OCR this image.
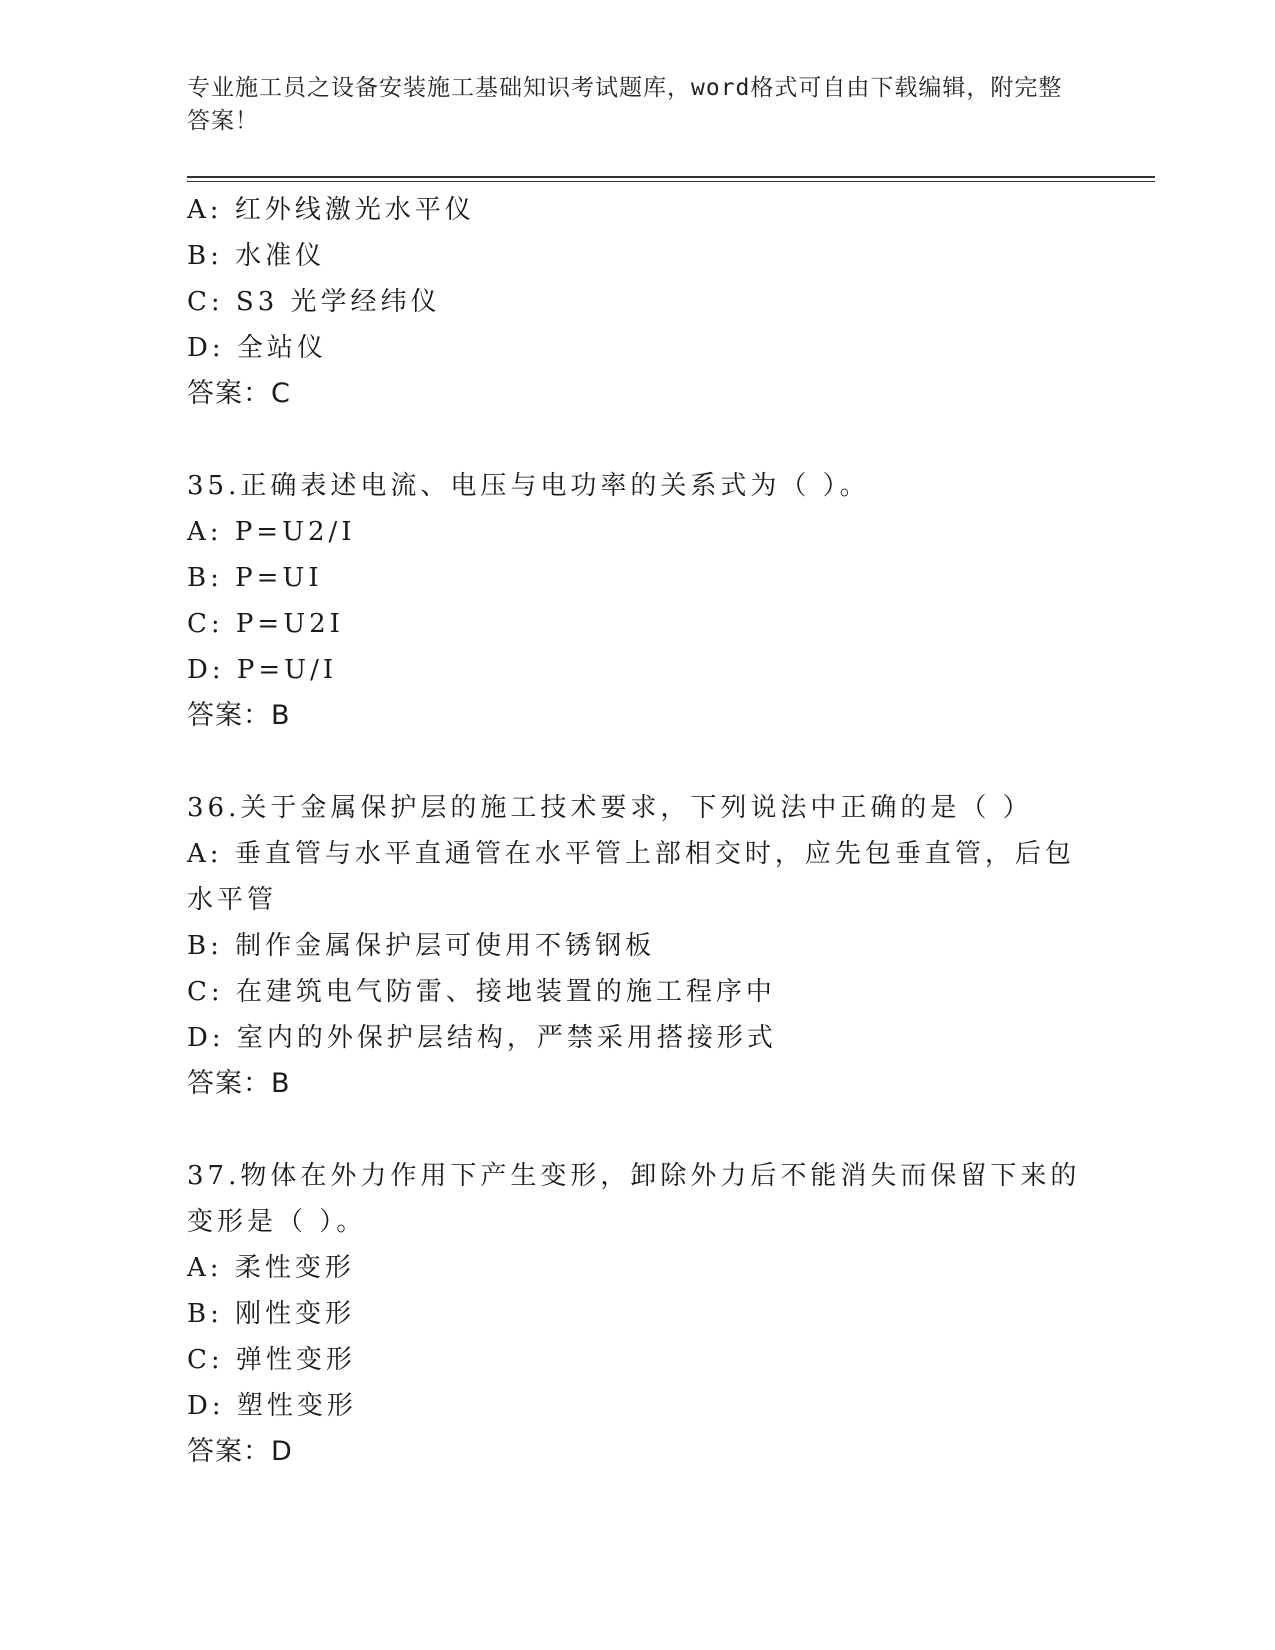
专业施工员之设备安装施工基础知识考试题库，word格式可自由下载编辑，附完整答案！
A: 红外线激光水平仪
B: 水准仪
C: S3 光学经纬仪
D: 全站仪
答案：C
35.正确表述电流、电压与电功率的关系式为（ ）。
A: P=U2/I
B: P=UI
C: P=U2I
D: P=U/I
答案：B
36.关于金属保护层的施工技术要求，下列说法中正确的是（ ）
A: 垂直管与水平直通管在水平管上部相交时，应先包垂直管，后包水平管
B: 制作金属保护层可使用不锈钢板
C: 在建筑电气防雷、接地装置的施工程序中
D: 室内的外保护层结构，严禁采用搭接形式
答案：B
37.物体在外力作用下产生变形，卸除外力后不能消失而保留下来的变形是（ ）。
A: 柔性变形
B: 刚性变形
C: 弹性变形
D: 塑性变形
答案：D
